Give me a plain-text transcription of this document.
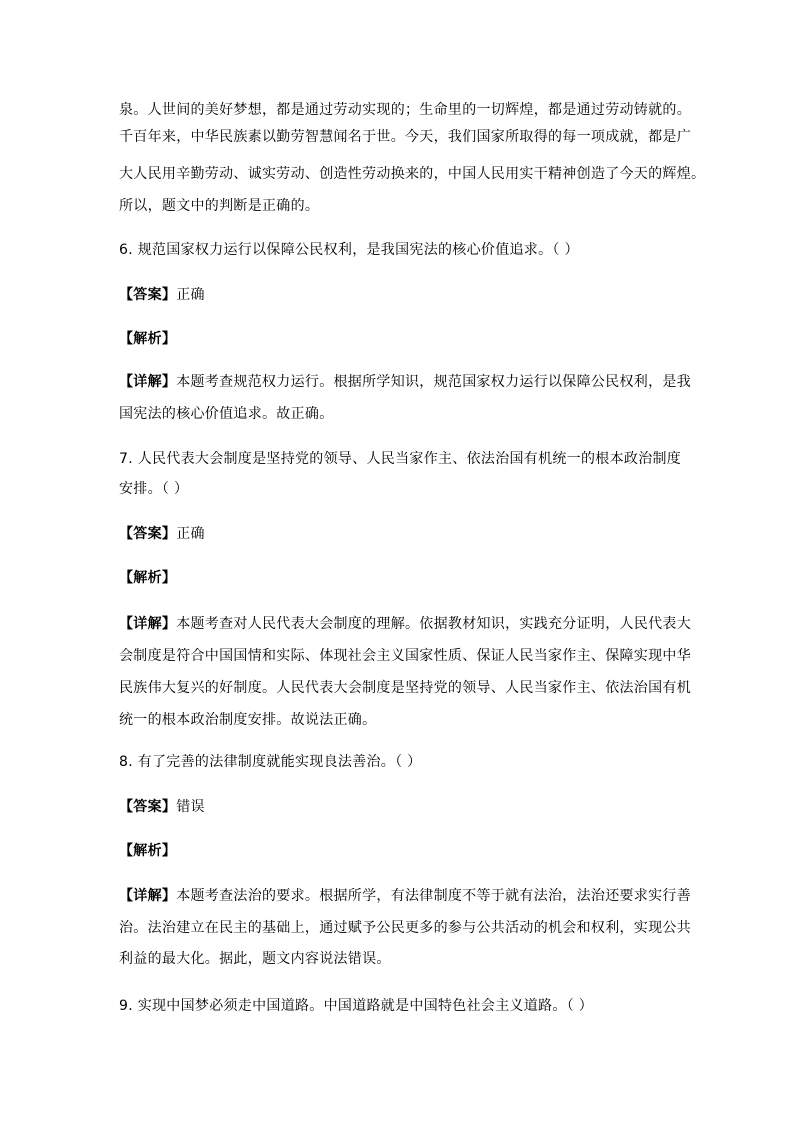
泉。人世间的美好梦想，都是通过劳动实现的；生命里的一切辉煌，都是通过劳动铸就的。
千百年来，中华民族素以勤劳智慧闻名于世。今天，我们国家所取得的每一项成就，都是广
大人民用辛勤劳动、诚实劳动、创造性劳动换来的，中国人民用实干精神创造了今天的辉煌。
所以，题文中的判断是正确的。
6. 规范国家权力运行以保障公民权利，是我国宪法的核心价值追求。（ ）
【答案】正确
【解析】
【详解】本题考查规范权力运行。根据所学知识，规范国家权力运行以保障公民权利，是我
国宪法的核心价值追求。故正确。
7. 人民代表大会制度是坚持党的领导、人民当家作主、依法治国有机统一的根本政治制度
安排。（ ）
【答案】正确
【解析】
【详解】本题考查对人民代表大会制度的理解。依据教材知识，实践充分证明，人民代表大
会制度是符合中国国情和实际、体现社会主义国家性质、保证人民当家作主、保障实现中华
民族伟大复兴的好制度。人民代表大会制度是坚持党的领导、人民当家作主、依法治国有机
统一的根本政治制度安排。故说法正确。
8. 有了完善的法律制度就能实现良法善治。（ ）
【答案】错误
【解析】
【详解】本题考查法治的要求。根据所学，有法律制度不等于就有法治，法治还要求实行善
治。法治建立在民主的基础上，通过赋予公民更多的参与公共活动的机会和权利，实现公共
利益的最大化。据此，题文内容说法错误。
9. 实现中国梦必须走中国道路。中国道路就是中国特色社会主义道路。（ ）
